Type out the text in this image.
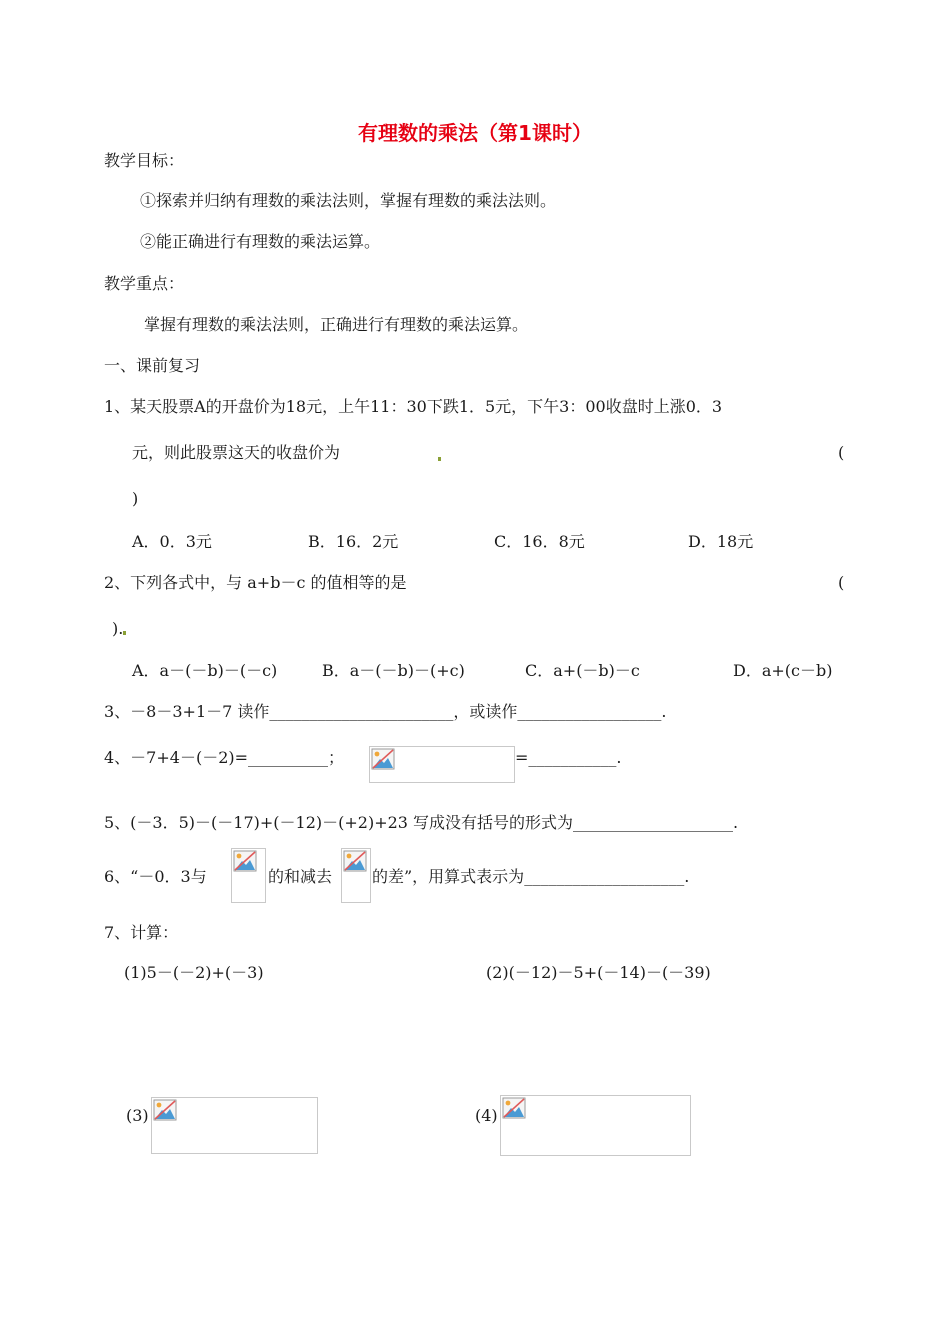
有理数的乘法（第1课时）
教学目标：
①探索并归纳有理数的乘法法则，掌握有理数的乘法法则。
②能正确进行有理数的乘法运算。
教学重点：
掌握有理数的乘法法则，正确进行有理数的乘法运算。
一、课前复习
1、某天股票A的开盘价为18元，上午11：30下跌1．5元，下午3：00收盘时上涨0．3
元，则此股票这天的收盘价为	(
)
A．0．3元	B．16．2元	C．16．8元	D．18元
2、下列各式中，与 a+b－c 的值相等的是	(
).
A．a－(－b)－(－c)	B．a－(－b)－(+c)	C．a+(－b)－c	D．a+(c－b)
3、－8－3+1－7 读作_______________________，或读作__________________.
4、－7+4－(－2)=__________；	=___________.
5、(－3．5)－(－17)+(－12)－(+2)+23 写成没有括号的形式为____________________.
6、“－0．3与	的和减去 的差”，用算式表示为____________________.
7、计算：
(1)5－(－2)+(－3)	(2)(－12)－5+(－14)－(－39)
(3)	(4)
